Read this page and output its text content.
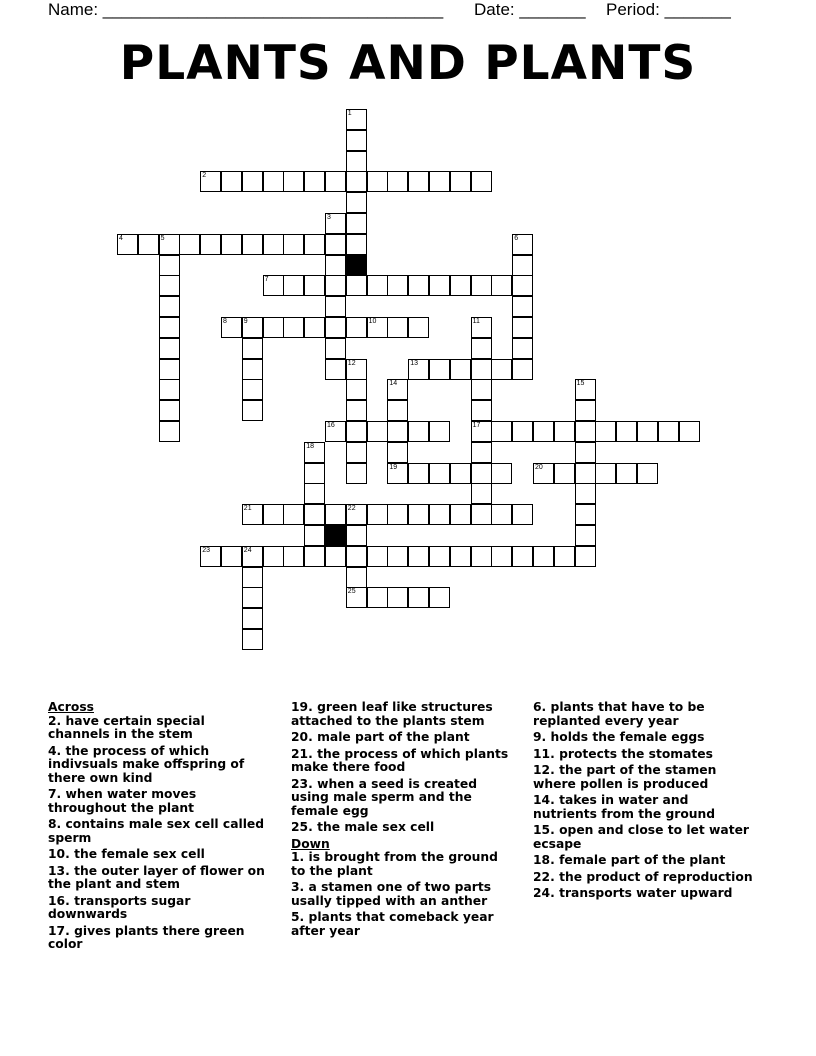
Name: ____________________________________ Date: _______ Period: _______
PLANTS AND PLANTS
1
2
3
4	5	6
7
8 9	10	11
12	13
14	15
16	17
18
19	20
21	22
23	24
25
Across
2. have certain special channels in the stem
4. the process of which indivsuals make offspring of there own kind
7. when water moves throughout the plant
8. contains male sex cell called sperm
10. the female sex cell
13. the outer layer of flower on the plant and stem
16. transports sugar downwards
17. gives plants there green color
19. green leaf like structures attached to the plants stem
20. male part of the plant
21. the process of which plants make there food
23. when a seed is created using male sperm and the female egg
25. the male sex cell
Down
1. is brought from the ground to the plant
3. a stamen one of two parts usally tipped with an anther
5. plants that comeback year after year
6. plants that have to be replanted every year
9. holds the female eggs
11. protects the stomates
12. the part of the stamen where pollen is produced
14. takes in water and nutrients from the ground
15. open and close to let water ecsape
18. female part of the plant
22. the product of reproduction
24. transports water upward
